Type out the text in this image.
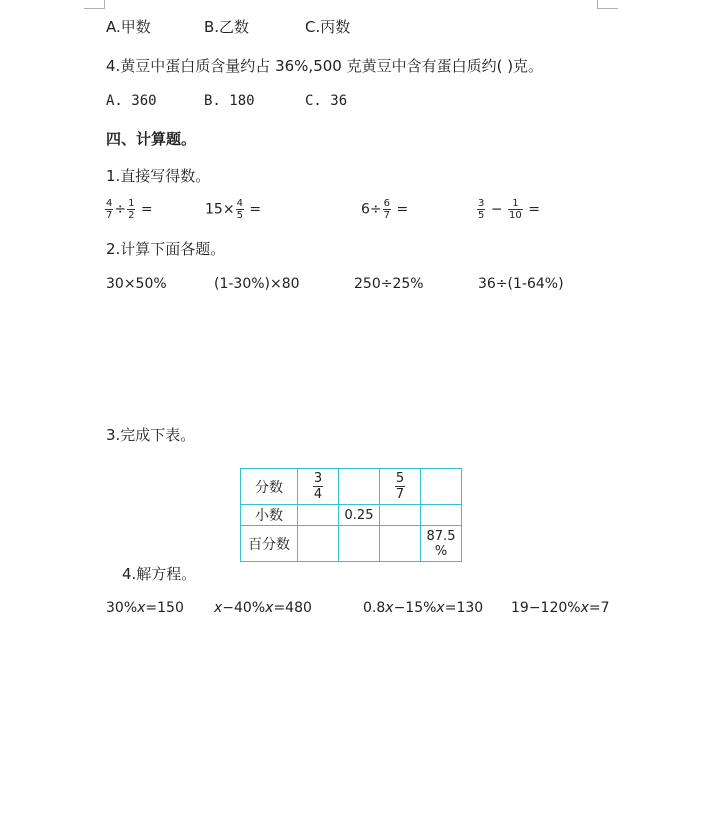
A.甲数	B.乙数	C.丙数
4.黄豆中蛋白质含量约占 36%,500 克黄豆中含有蛋白质约( )克。
A. 360	B. 180	C. 36
四、计算题。
1.直接写得数。
$\frac{4}{7} \div \frac{1}{2}$ =	$15\times \frac{4}{5}$ =	$6\div \frac{6}{7}$ =	$\frac{3}{5} - \frac{1}{10}$ =
2.计算下面各题。
30×50%	(1-30%)×80	250÷25%	36÷(1-64%)
3.完成下表。
分数	$\frac{3}{4}$		$\frac{5}{7}$

小数		0.25		
百分数				87.5
%
4.解方程。
30%x=150 x−40%x=480	0.8x−15%x=130 19−120%x=7
